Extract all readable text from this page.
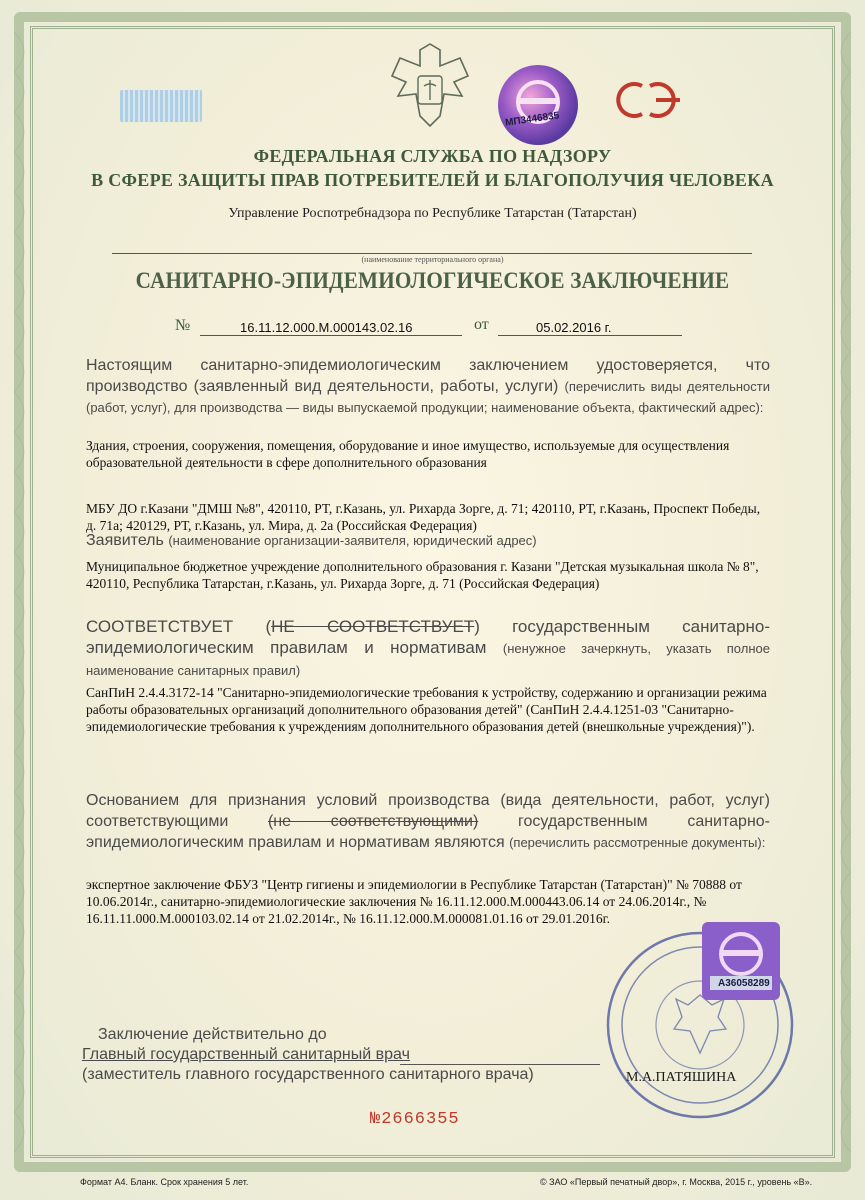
МП3446835
ФЕДЕРАЛЬНАЯ СЛУЖБА ПО НАДЗОРУ
В СФЕРЕ ЗАЩИТЫ ПРАВ ПОТРЕБИТЕЛЕЙ И БЛАГОПОЛУЧИЯ ЧЕЛОВЕКА
Управление Роспотребнадзора по Республике Татарстан (Татарстан)
(наименование территориального органа)
САНИТАРНО-ЭПИДЕМИОЛОГИЧЕСКОЕ ЗАКЛЮЧЕНИЕ
№	16.11.12.000.М.000143.02.16	от	05.02.2016 г.
Настоящим санитарно-эпидемиологическим заключением удостоверяется, что производство (заявленный вид деятельности, работы, услуги) (перечислить виды деятельности (работ, услуг), для производства — виды выпускаемой продукции; наименование объекта, фактический адрес):
Здания, строения, сооружения, помещения, оборудование и иное имущество, используемые для осуществления образовательной деятельности в сфере дополнительного образования
МБУ ДО г.Казани "ДМШ №8", 420110, РТ, г.Казань, ул. Рихарда Зорге, д. 71; 420110, РТ, г.Казань, Проспект Победы, д. 71а; 420129, РТ, г.Казань, ул. Мира, д. 2а (Российская Федерация)
Заявитель (наименование организации-заявителя, юридический адрес)
Муниципальное бюджетное учреждение дополнительного образования г. Казани "Детская музыкальная школа № 8", 420110, Республика Татарстан, г.Казань, ул. Рихарда Зорге, д. 71 (Российская Федерация)
СООТВЕТСТВУЕТ (НЕ СООТВЕТСТВУЕТ) государственным санитарно-эпидемиологическим правилам и нормативам (ненужное зачеркнуть, указать полное наименование санитарных правил)
СанПиН 2.4.4.3172-14 "Санитарно-эпидемиологические требования к устройству, содержанию и организации режима работы образовательных организаций дополнительного образования детей" (СанПиН 2.4.4.1251-03 "Санитарно-эпидемиологические требования к учреждениям дополнительного образования детей (внешкольные учреждения)").
Основанием для признания условий производства (вида деятельности, работ, услуг) соответствующими (не соответствующими) государственным санитарно-эпидемиологическим правилам и нормативам являются (перечислить рассмотренные документы):
экспертное заключение ФБУЗ "Центр гигиены и эпидемиологии в Республике Татарстан (Татарстан)" № 70888 от 10.06.2014г., санитарно-эпидемиологические заключения № 16.11.12.000.М.000443.06.14 от 24.06.2014г., № 16.11.11.000.М.000103.02.14 от 21.02.2014г., № 16.11.12.000.М.000081.01.16 от 29.01.2016г.
А36058289
Заключение действительно до
Главный государственный санитарный врач
(заместитель главного государственного санитарного врача)	М.А.ПАТЯШИНА
№2666355
Формат А4. Бланк. Срок хранения 5 лет.	© ЗАО «Первый печатный двор», г. Москва, 2015 г., уровень «В».
